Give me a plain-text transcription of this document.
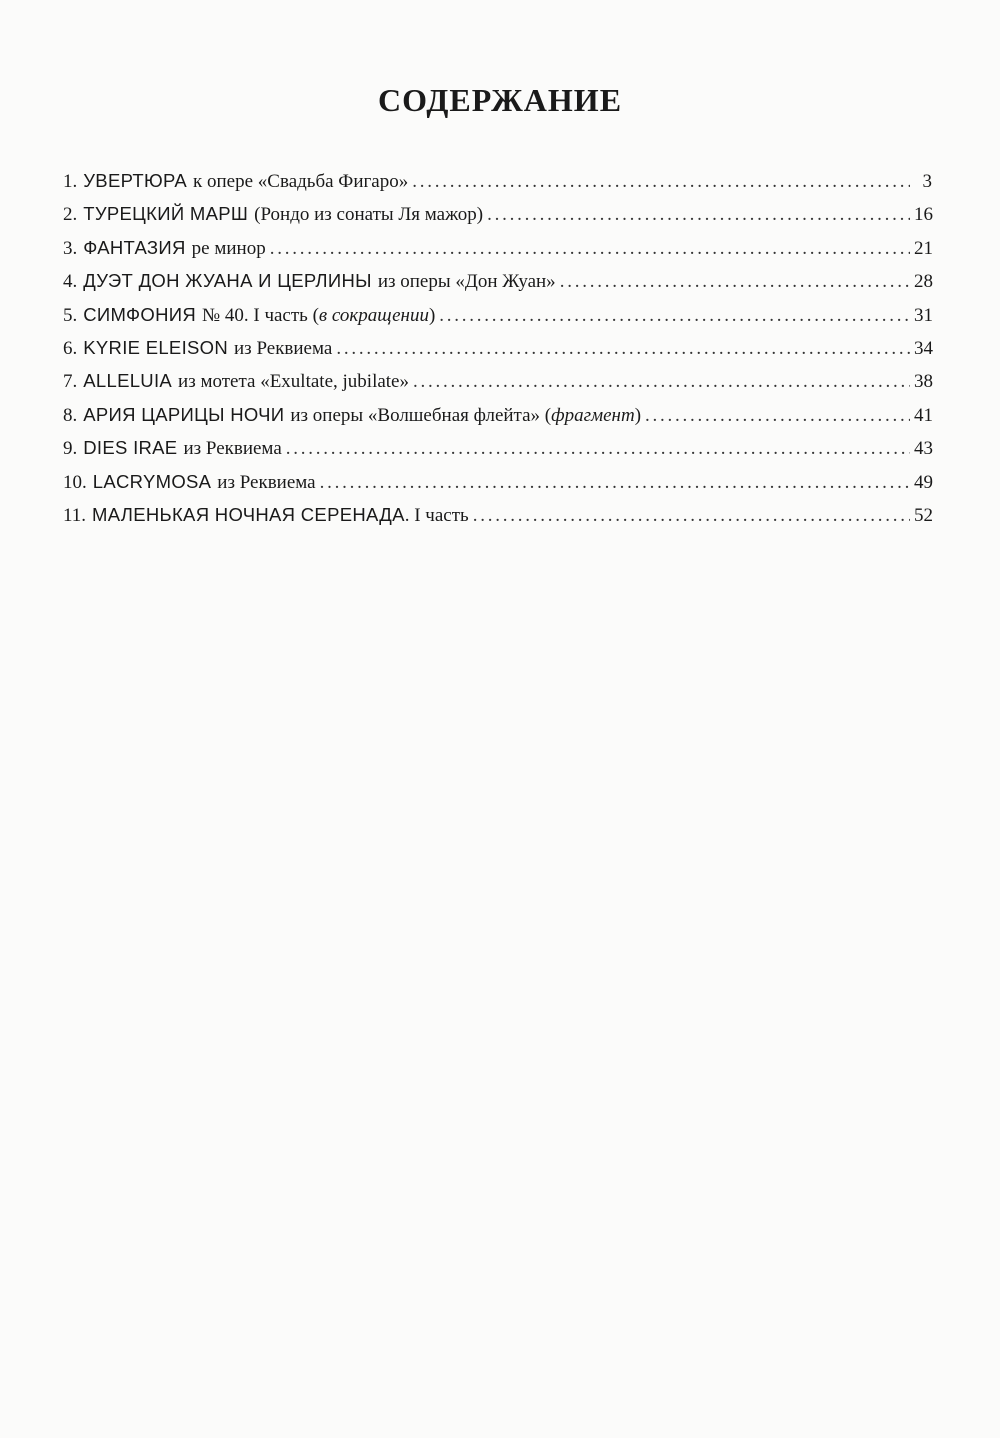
СОДЕРЖАНИЕ
1. УВЕРТЮРА к опере «Свадьба Фигаро» . . .	3
2. ТУРЕЦКИЙ МАРШ (Рондо из сонаты Ля мажор) . . .	16
3. ФАНТАЗИЯ ре минор . . .	21
4. ДУЭТ ДОН ЖУАНА И ЦЕРЛИНЫ из оперы «Дон Жуан» . . .	28
5. СИМФОНИЯ № 40. I часть (в сокращении) . . .	31
6. KYRIE ELEISON из Реквиема . . .	34
7. ALLELUIA из мотета «Exultate, jubilate» . . .	38
8. АРИЯ ЦАРИЦЫ НОЧИ из оперы «Волшебная флейта» (фрагмент) . . .	41
9. DIES IRAE из Реквиема . . .	43
10. LACRYMOSA из Реквиема . . .	49
11. МАЛЕНЬКАЯ НОЧНАЯ СЕРЕНАДА . I часть . . .	52
